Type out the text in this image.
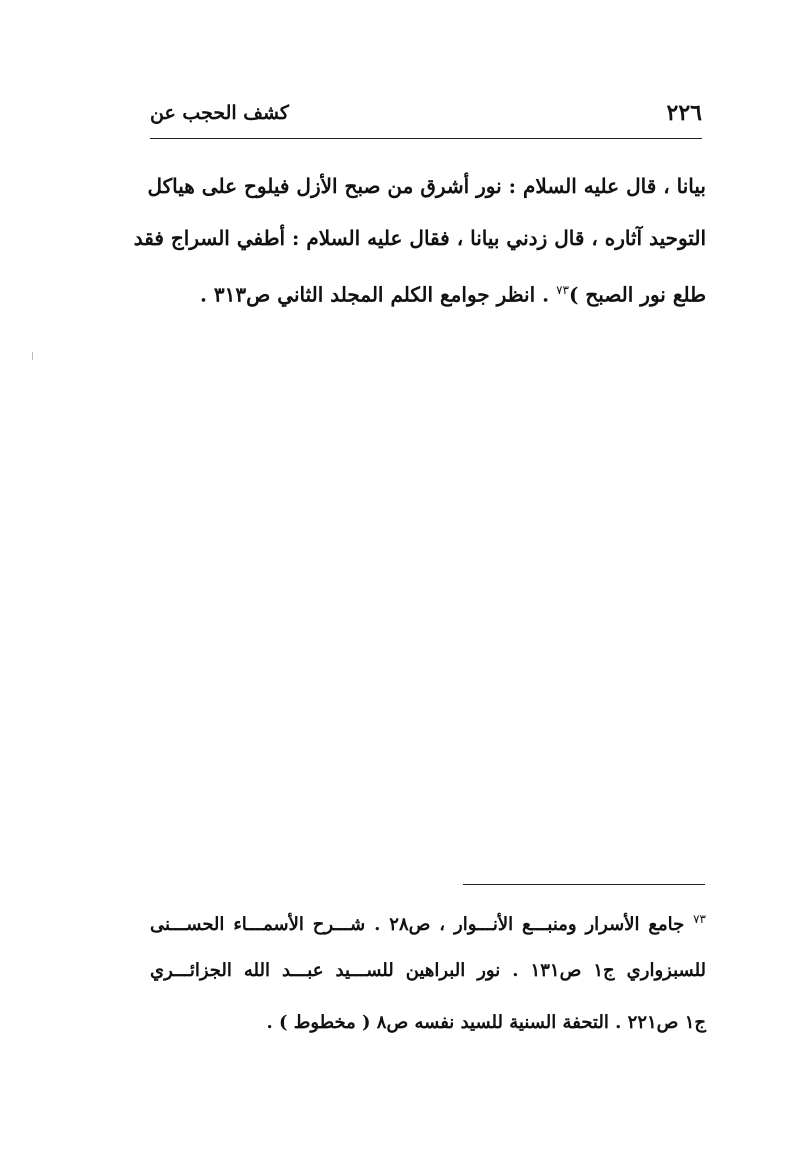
٢٢٦
كشف الحجب عن
بيانا ، قال عليه السلام : نور أشرق من صبح الأزل فيلوح على هياكل
التوحيد آثاره ، قال زدني بيانا ، فقال عليه السلام : أطفي السراج فقد
طلع نور الصبح )$^{٧٣}$ . انظر جوامع الكلم المجلد الثاني ص٣١٣ .
$^{٧٣}$ جامع الأسرار ومنبـــع الأنـــوار ، ص٢٨ . شـــرح الأسمـــاء الحســـنى
للسبزواري ج١ ص١٣١ . نور البراهين للســـيد عبـــد الله الجزائـــري
ج١ ص٢٢١ . التحفة السنية للسيد نفسه ص٨ ( مخطوط ) .
